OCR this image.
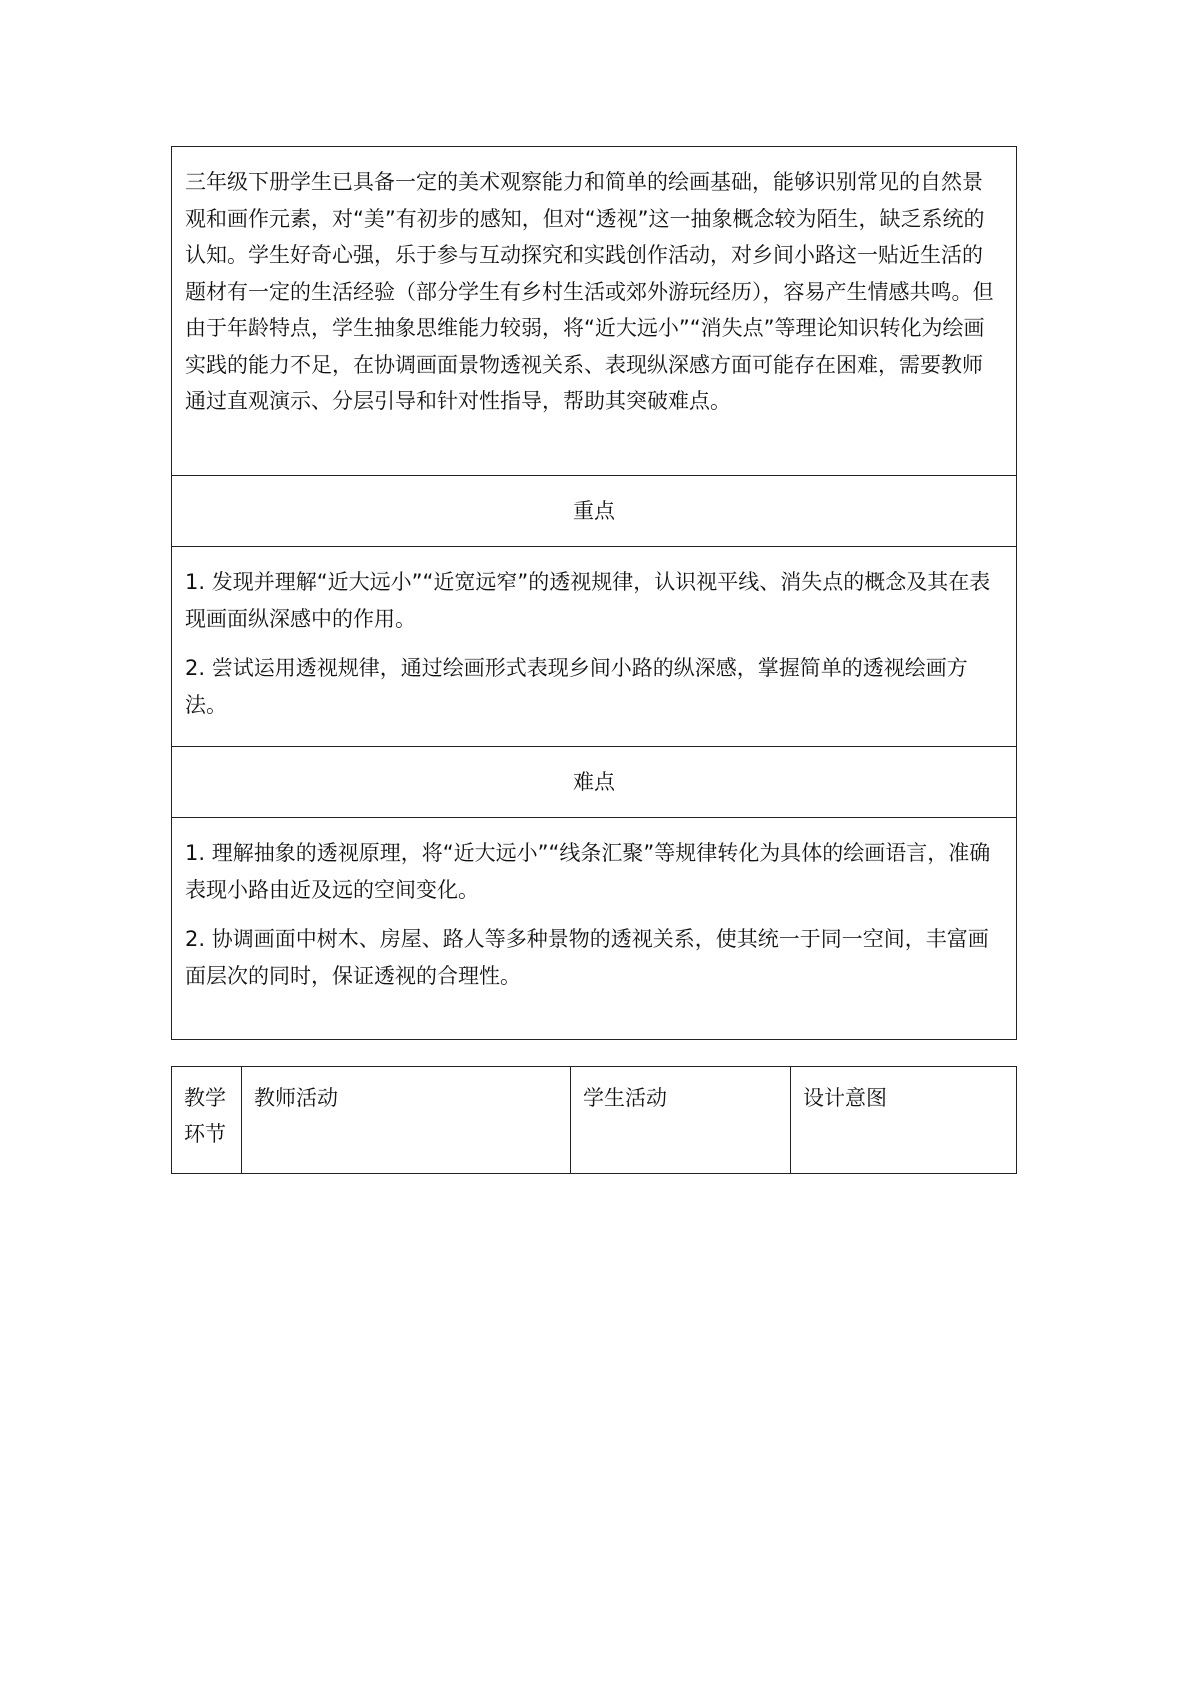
三年级下册学生已具备一定的美术观察能力和简单的绘画基础，能够识别常见的自然景观和画作元素，对“美”有初步的感知，但对“透视”这一抽象概念较为陌生，缺乏系统的认知。学生好奇心强，乐于参与互动探究和实践创作活动，对乡间小路这一贴近生活的题材有一定的生活经验（部分学生有乡村生活或郊外游玩经历），容易产生情感共鸣。但由于年龄特点，学生抽象思维能力较弱，将“近大远小”“消失点”等理论知识转化为绘画实践的能力不足，在协调画面景物透视关系、表现纵深感方面可能存在困难，需要教师通过直观演示、分层引导和针对性指导，帮助其突破难点。

重点

1. 发现并理解“近大远小”“近宽远窄”的透视规律，认识视平线、消失点的概念及其在表现画面纵深感中的作用。

2. 尝试运用透视规律，通过绘画形式表现乡间小路的纵深感，掌握简单的透视绘画方法。

难点

1. 理解抽象的透视原理，将“近大远小”“线条汇聚”等规律转化为具体的绘画语言，准确表现小路由近及远的空间变化。

2. 协调画面中树木、房屋、路人等多种景物的透视关系，使其统一于同一空间，丰富画面层次的同时，保证透视的合理性。

教学环节
教师活动	学生活动	设计意图
